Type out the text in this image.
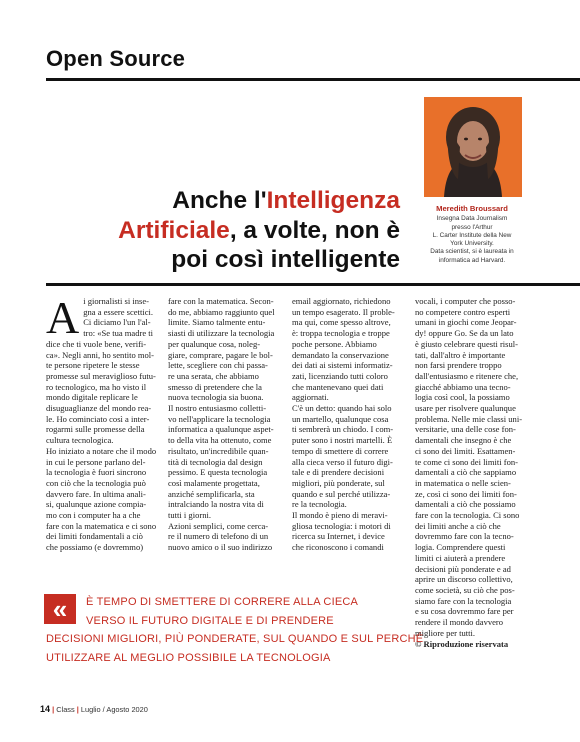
Open Source
Meredith Broussard
Insegna Data Journalism
presso l'Arthur
L. Carter Institute della New
York University.
Data scientist, si è laureata in
informatica ad Harvard.
Anche l'Intelligenza
Artificiale, a volte, non è
poi così intelligente
A i giornalisti si inse-
gna a essere scettici.
Ci diciamo l'un l'al-
tro: «Se tua madre ti
dice che ti vuole bene, verifi-
ca». Negli anni, ho sentito mol-
te persone ripetere le stesse
promesse sul meraviglioso futu-
ro tecnologico, ma ho visto il
mondo digitale replicare le
disuguaglianze del mondo rea-
le. Ho cominciato così a inter-
rogarmi sulle promesse della
cultura tecnologica.
Ho iniziato a notare che il modo
in cui le persone parlano del-
la tecnologia è fuori sincrono
con ciò che la tecnologia può
davvero fare. In ultima anali-
si, qualunque azione compia-
mo con i computer ha a che
fare con la matematica e ci sono
dei limiti fondamentali a ciò
che possiamo (e dovremmo)
fare con la matematica. Secon-
do me, abbiamo raggiunto quel
limite. Siamo talmente entu-
siasti di utilizzare la tecnologia
per qualunque cosa, noleg-
giare, comprare, pagare le bol-
lette, scegliere con chi passa-
re una serata, che abbiamo
smesso di pretendere che la
nuova tecnologia sia buona.
Il nostro entusiasmo colletti-
vo nell'applicare la tecnologia
informatica a qualunque aspet-
to della vita ha ottenuto, come
risultato, un'incredibile quan-
tità di tecnologia dal design
pessimo. E questa tecnologia
così malamente progettata,
anziché semplificarla, sta
intralciando la nostra vita di
tutti i giorni.
Azioni semplici, come cerca-
re il numero di telefono di un
nuovo amico o il suo indirizzo
email aggiornato, richiedono
un tempo esagerato. Il proble-
ma qui, come spesso altrove,
è: troppa tecnologia e troppe
poche persone. Abbiamo
demandato la conservazione
dei dati ai sistemi informatiz-
zati, licenziando tutti coloro
che mantenevano quei dati
aggiornati.
C'è un detto: quando hai solo
un martello, qualunque cosa
ti sembrerà un chiodo. I com-
puter sono i nostri martelli. È
tempo di smettere di correre
alla cieca verso il futuro digi-
tale e di prendere decisioni
migliori, più ponderate, sul
quando e sul perché utilizza-
re la tecnologia.
Il mondo è pieno di meravi-
gliosa tecnologia: i motori di
ricerca su Internet, i device
che riconoscono i comandi
vocali, i computer che posso-
no competere contro esperti
umani in giochi come Jeopar-
dy! oppure Go. Se da un lato
è giusto celebrare questi risul-
tati, dall'altro è importante
non farsi prendere troppo
dall'entusiasmo e ritenere che,
giacché abbiamo una tecno-
logia così cool, la possiamo
usare per risolvere qualunque
problema. Nelle mie classi uni-
versitarie, una delle cose fon-
damentali che insegno è che
ci sono dei limiti. Esattamen-
te come ci sono dei limiti fon-
damentali a ciò che sappiamo
in matematica o nelle scien-
ze, così ci sono dei limiti fon-
damentali a ciò che possiamo
fare con la tecnologia. Ci sono
dei limiti anche a ciò che
dovremmo fare con la tecno-
logia. Comprendere questi
limiti ci aiuterà a prendere
decisioni più ponderate e ad
aprire un discorso collettivo,
come società, su ciò che pos-
siamo fare con la tecnologia
e su cosa dovremmo fare per
rendere il mondo davvero
migliore per tutti.
© Riproduzione riservata
«	È TEMPO DI SMETTERE DI CORRERE ALLA CIECA
VERSO IL FUTURO DIGITALE E DI PRENDERE
DECISIONI MIGLIORI, PIÙ PONDERATE, SUL QUANDO E SUL PERCHÉ
UTILIZZARE AL MEGLIO POSSIBILE LA TECNOLOGIA
14 | Class | Luglio / Agosto 2020
